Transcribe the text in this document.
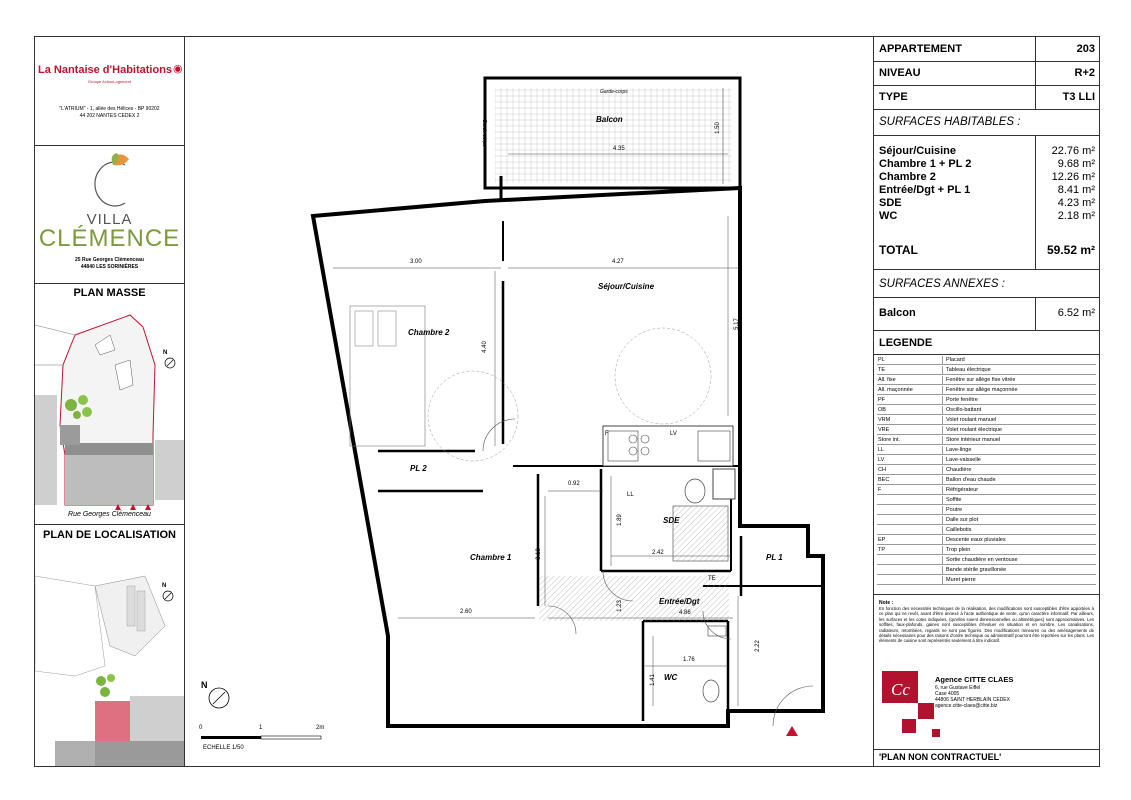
La Nantaise d'Habitations ◉
Groupe ActionLogement
"L'ATRIUM" - 1, allée des Hélices - BP 90202
44 202 NANTES CEDEX 2
VILLA
CLÉMENCE
25 Rue Georges Clémenceau
44840 LES SORINIÈRES
PLAN MASSE
N
Rue Georges Clémenceau
PLAN DE LOCALISATION
N
Balcon
Garde-corps
Garde-corps
Chambre 2
Séjour/Cuisine
PL 2
SDE
Chambre 1
Entrée/Dgt
PL 1
WC
F	LV
LL
TE
4.35
1.50
3.00	4.27
5.17
4.40
0.92
1.89
2.42
3.18
2.60
1.23
4.86
1.76
2.22
1.41
N
0	1	2m
ECHELLE 1/50
APPARTEMENT	203
NIVEAU	R+2
TYPE	T3 LLI
SURFACES HABITABLES :
Séjour/Cuisine	22.76 m²
Chambre 1 + PL 2	9.68 m²
Chambre 2	12.26 m²
Entrée/Dgt + PL 1	8.41 m²
SDE	4.23 m²
WC	2.18 m²
TOTAL	59.52 m²
SURFACES ANNEXES :
Balcon	6.52 m²
LEGENDE
PL	Placard
TE	Tableau électrique
All. fixe	Fenêtre sur allège fixe vitrée
All. maçonnée	Fenêtre sur allège maçonnée
PF	Porte fenêtre
OB	Oscillo-battant
VRM	Volet roulant manuel
VRE	Volet roulant électrique
Store int.	Store intérieur manuel
LL	Lave-linge
LV	Lave-vaisselle
CH	Chaudière
BEC	Ballon d'eau chaude
F	Réfrigérateur
Soffite
Poutre
Dalle sur plot
Caillebotis
EP	Descente eaux pluviales
TP	Trop plein
Sortie chaudière en ventouse
Bande stérile gravillonée
Muret pierre
Note :
En fonction des nécessités techniques de la réalisation, des modifications sont susceptibles d'être apportées à ce plan qui ne revêt, avant d'être annexé à l'acte authentique de vente, qu'un caractère informatif. Par ailleurs, les surfaces et les cotes indiquées, (qu'elles soient dimensionnelles ou altimétriques) sont approximatives. Les soffites, faux-plafonds, gaines sont susceptibles d'évoluer en situation et en nombre. Les canalisations, radiateurs, retombées, regards ne sont pas figurés. Des modifications mineures ou des aménagements de détails nécessaires pour des raisons d'ordre technique ou administratif pourront être reportées sur les plans. Les éléments de cuisine sont représentés seulement à titre indicatif.
Cc
Agence CITTE CLAES
6, rue Gustave Eiffel
Case 4005
44806 SAINT HERBLAIN CEDEX
agence.citte-claes@citte.biz
'PLAN NON CONTRACTUEL'
